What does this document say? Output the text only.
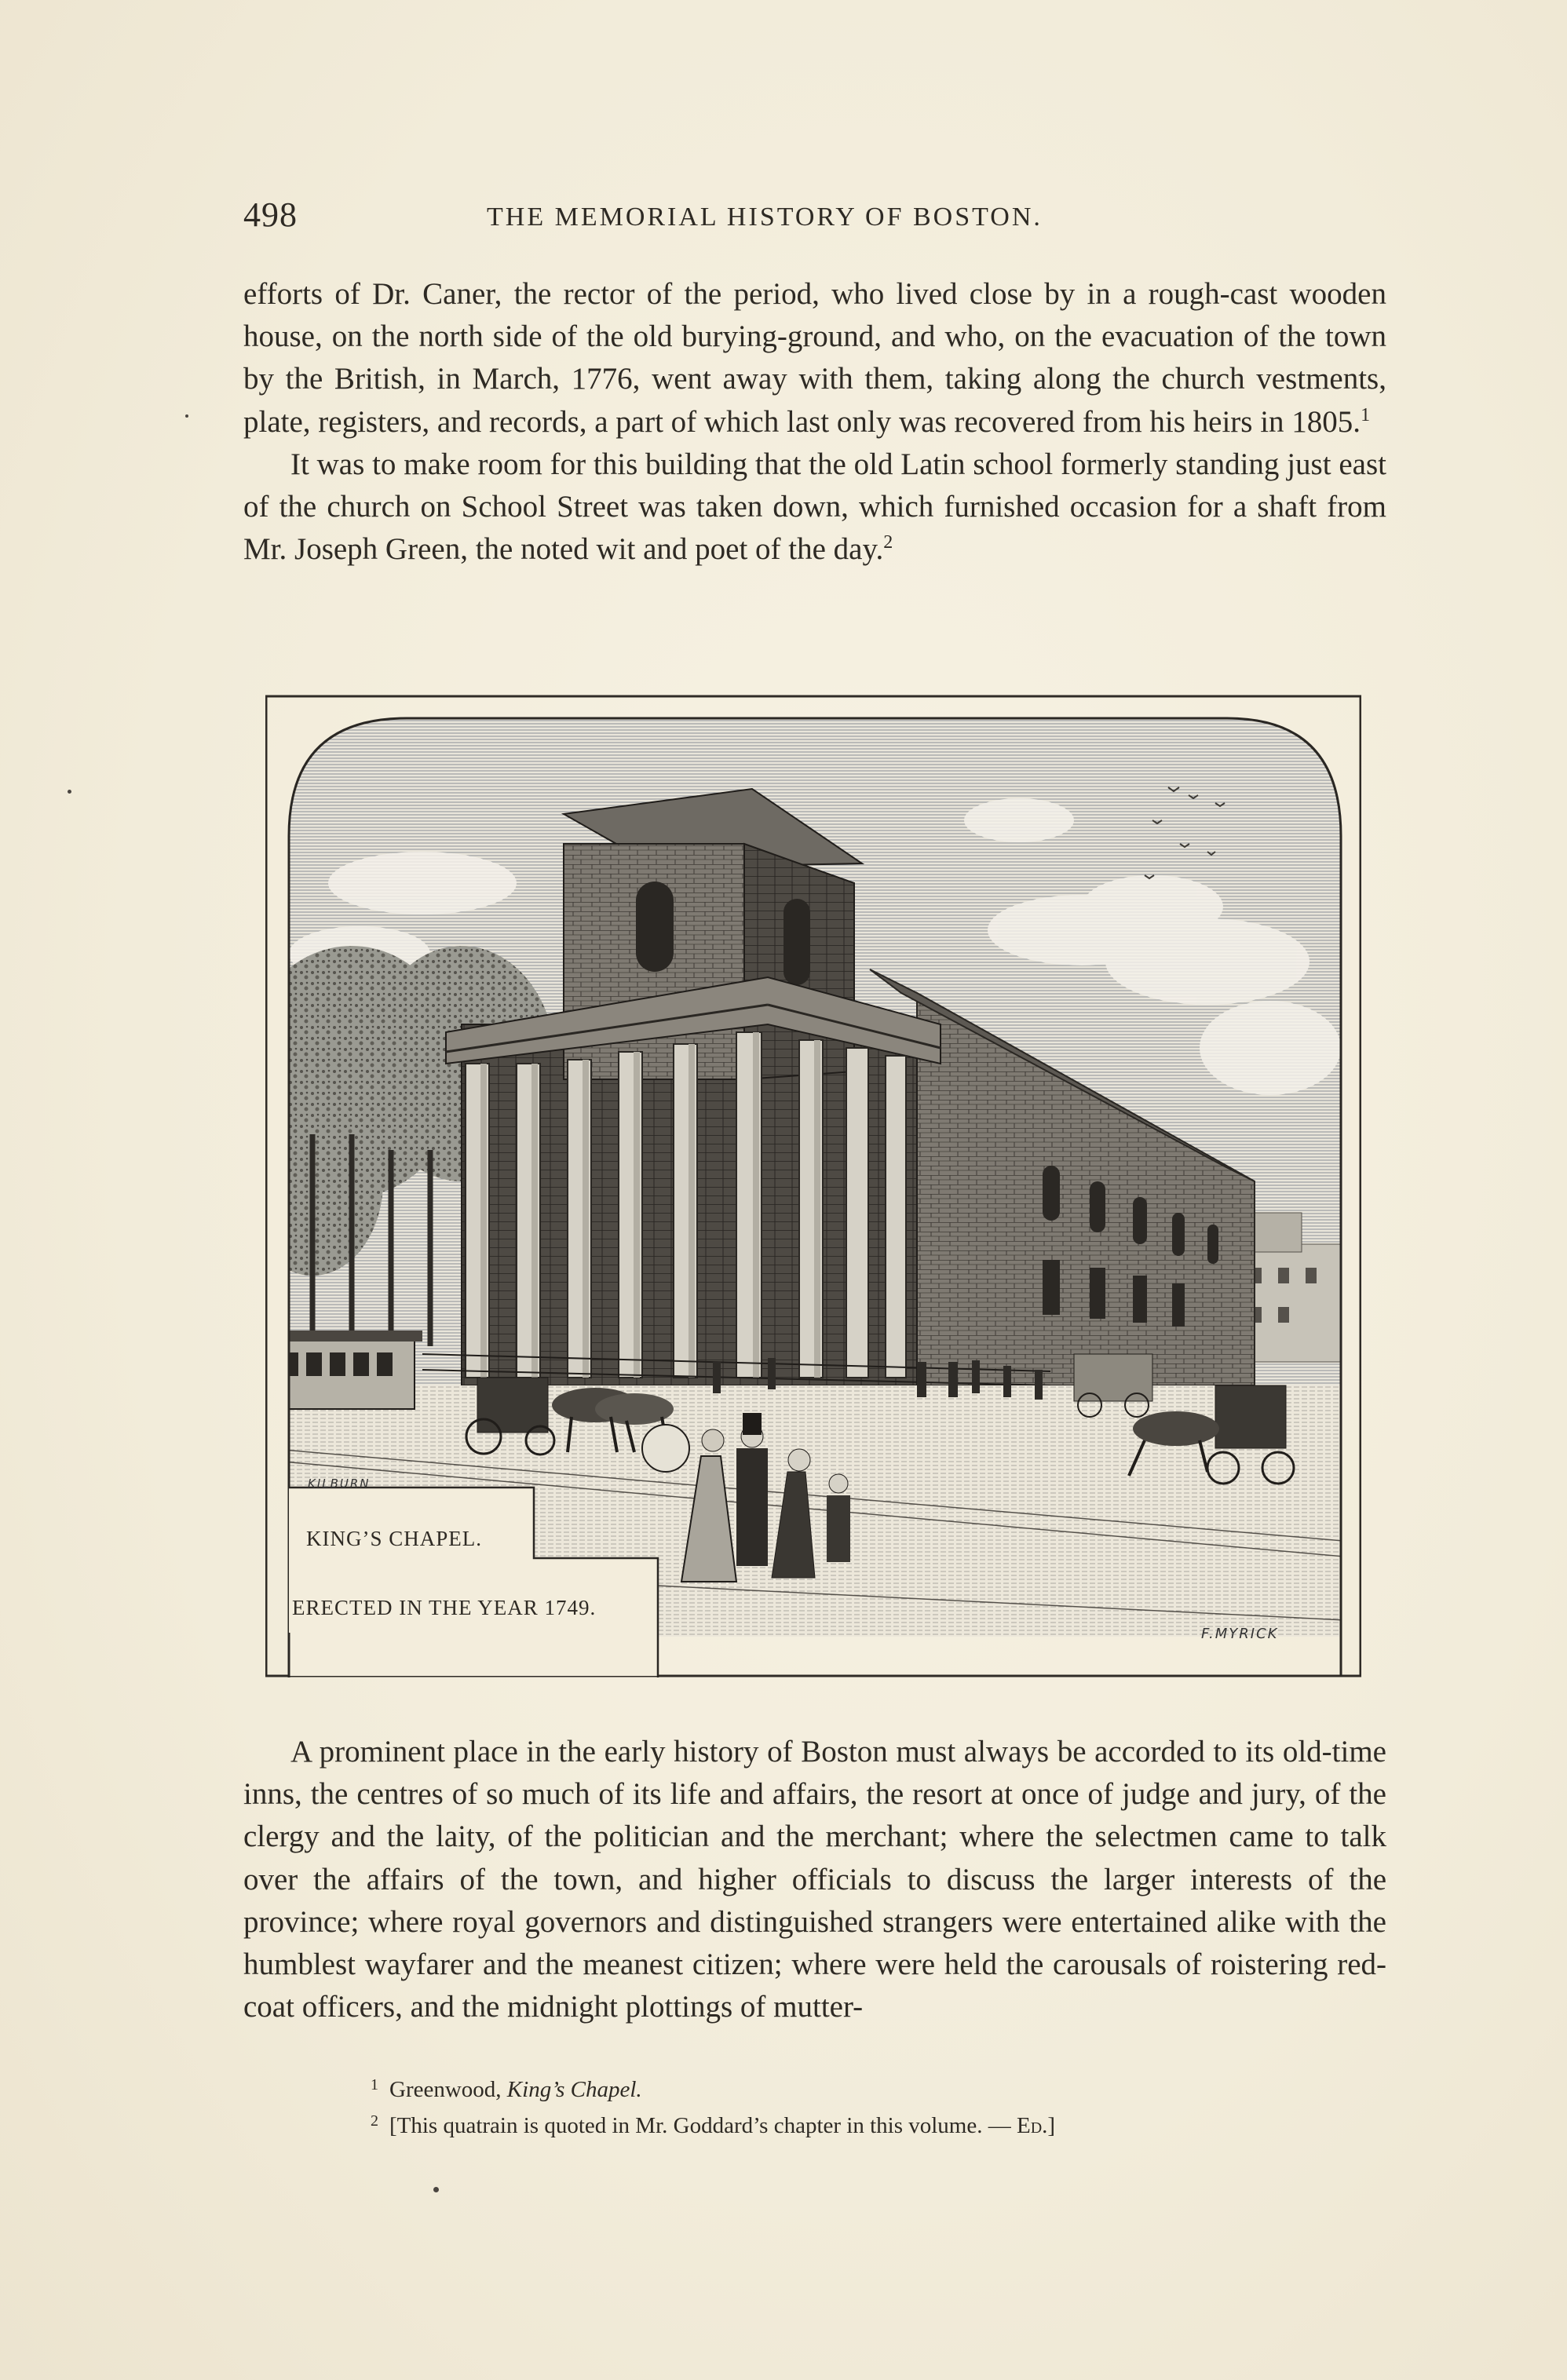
498	THE MEMORIAL HISTORY OF BOSTON.

efforts of Dr. Caner, the rector of the period, who lived close by in a rough-cast wooden house, on the north side of the old burying-ground, and who, on the evacuation of the town by the British, in March, 1776, went away with them, taking along the church vestments, plate, registers, and records, a part of which last only was recovered from his heirs in 1805.$^1$

It was to make room for this building that the old Latin school formerly standing just east of the church on School Street was taken down, which furnished occasion for a shaft from Mr. Joseph Green, the noted wit and poet of the day.$^2$

KILBURN
F.MYRICK
KING’S CHAPEL.
ERECTED IN THE YEAR 1749.

A prominent place in the early history of Boston must always be accorded to its old-time inns, the centres of so much of its life and affairs, the resort at once of judge and jury, of the clergy and the laity, of the politician and the merchant; where the selectmen came to talk over the affairs of the town, and higher officials to discuss the larger interests of the province; where royal governors and distinguished strangers were entertained alike with the humblest wayfarer and the meanest citizen; where were held the carousals of roistering red-coat officers, and the midnight plottings of mutter-

$^1$ Greenwood, King’s Chapel.
$^2$ [This quatrain is quoted in Mr. Goddard’s chapter in this volume. — Ed.]
